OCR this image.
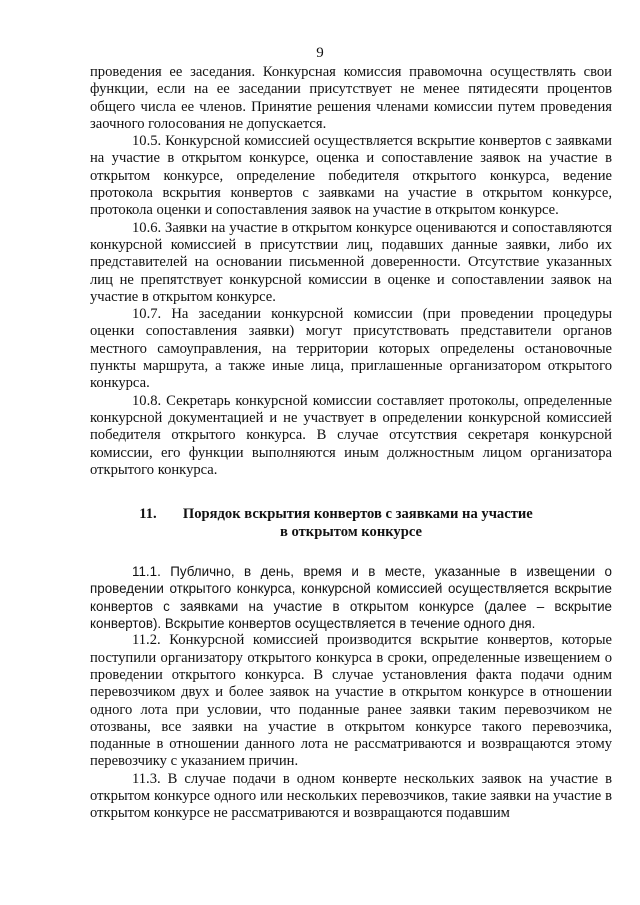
9

проведения ее заседания. Конкурсная комиссия правомочна осуществлять свои функции, если на ее заседании присутствует не менее пятидесяти процентов общего числа ее членов. Принятие решения членами комиссии путем проведения заочного голосования не допускается.

10.5. Конкурсной комиссией осуществляется вскрытие конвертов с заявками на участие в открытом конкурсе, оценка и сопоставление заявок на участие в открытом конкурсе, определение победителя открытого конкурса, ведение протокола вскрытия конвертов с заявками на участие в открытом конкурсе, протокола оценки и сопоставления заявок на участие в открытом конкурсе.

10.6. Заявки на участие в открытом конкурсе оцениваются и сопоставляются конкурсной комиссией в присутствии лиц, подавших данные заявки, либо их представителей на основании письменной доверенности. Отсутствие указанных лиц не препятствует конкурсной комиссии в оценке и сопоставлении заявок на участие в открытом конкурсе.

10.7. На заседании конкурсной комиссии (при проведении процедуры оценки сопоставления заявки) могут присутствовать представители органов местного самоуправления, на территории которых определены остановочные пункты маршрута, а также иные лица, приглашенные организатором открытого конкурса.

10.8. Секретарь конкурсной комиссии составляет протоколы, определенные конкурсной документацией и не участвует в определении конкурсной комиссией победителя открытого конкурса. В случае отсутствия секретаря конкурсной комиссии, его функции выполняются иным должностным лицом организатора открытого конкурса.

11. Порядок вскрытия конвертов с заявками на участие
в открытом конкурсе

11.1. Публично, в день, время и в месте, указанные в извещении о проведении открытого конкурса, конкурсной комиссией осуществляется вскрытие конвертов с заявками на участие в открытом конкурсе (далее – вскрытие конвертов). Вскрытие конвертов осуществляется в течение одного дня.

11.2. Конкурсной комиссией производится вскрытие конвертов, которые поступили организатору открытого конкурса в сроки, определенные извещением о проведении открытого конкурса. В случае установления факта подачи одним перевозчиком двух и более заявок на участие в открытом конкурсе в отношении одного лота при условии, что поданные ранее заявки таким перевозчиком не отозваны, все заявки на участие в открытом конкурсе такого перевозчика, поданные в отношении данного лота не рассматриваются и возвращаются этому перевозчику с указанием причин.

11.3. В случае подачи в одном конверте нескольких заявок на участие в открытом конкурсе одного или нескольких перевозчиков, такие заявки на участие в открытом конкурсе не рассматриваются и возвращаются подавшим
